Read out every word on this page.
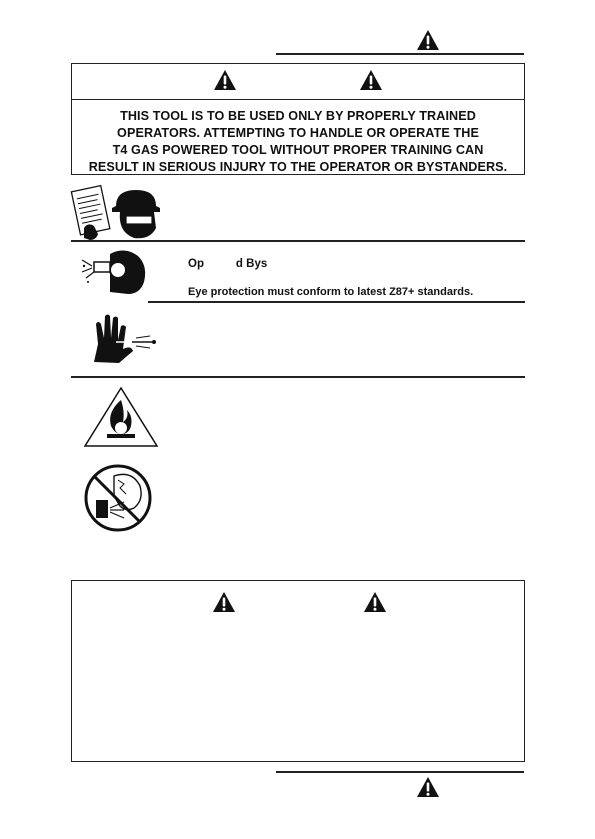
THIS TOOL IS TO BE USED ONLY BY PROPERLY TRAINED
OPERATORS. ATTEMPTING TO HANDLE OR OPERATE THE
T4 GAS POWERED TOOL WITHOUT PROPER TRAINING CAN
RESULT IN SERIOUS INJURY TO THE OPERATOR OR BYSTANDERS.
Op          d Bys
Eye protection must conform to latest Z87+ standards.
